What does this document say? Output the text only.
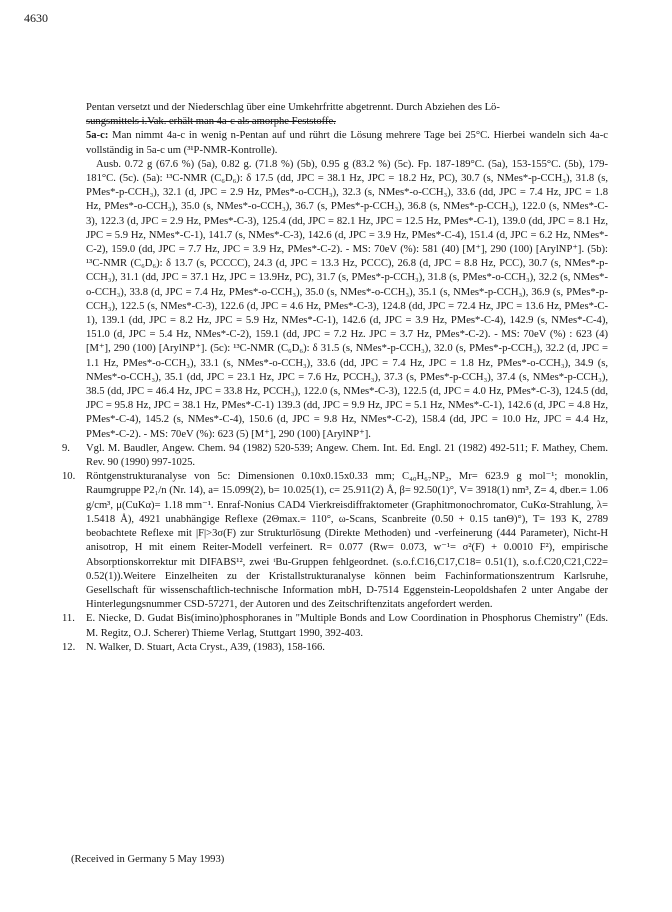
4630

Pentan versetzt und der Niederschlag über eine Umkehrfritte abgetrennt. Durch Abziehen des Lö-
sungsmittels i.Vak. erhält man 4a-c als amorphe Feststoffe.

5a-c: Man nimmt 4a-c in wenig n-Pentan auf und rührt die Lösung mehrere Tage bei 25°C. Hierbei wandeln sich 4a-c vollständig in 5a-c um (³¹P-NMR-Kontrolle).

Ausb. 0.72 g (67.6 %) (5a), 0.82 g. (71.8 %) (5b), 0.95 g (83.2 %) (5c). Fp. 187-189°C. (5a), 153-155°C. (5b), 179-181°C. (5c). (5a): ¹³C-NMR (C₆D₆): δ 17.5 (dd, JPC = 38.1 Hz, JPC = 18.2 Hz, PC), 30.7 (s, NMes*-p-CCH₃), 31.8 (s, PMes*-p-CCH₃), 32.1 (d, JPC = 2.9 Hz, PMes*-o-CCH₃), 32.3 (s, NMes*-o-CCH₃), 33.6 (dd, JPC = 7.4 Hz, JPC = 1.8 Hz, PMes*-o-CCH₃), 35.0 (s, NMes*-o-CCH₃), 36.7 (s, PMes*-p-CCH₃), 36.8 (s, NMes*-p-CCH₃), 122.0 (s, NMes*-C-3), 122.3 (d, JPC = 2.9 Hz, PMes*-C-3), 125.4 (dd, JPC = 82.1 Hz, JPC = 12.5 Hz, PMes*-C-1), 139.0 (dd, JPC = 8.1 Hz, JPC = 5.9 Hz, NMes*-C-1), 141.7 (s, NMes*-C-3), 142.6 (d, JPC = 3.9 Hz, PMes*-C-4), 151.4 (d, JPC = 6.2 Hz, NMes*-C-2), 159.0 (dd, JPC = 7.7 Hz, JPC = 3.9 Hz, PMes*-C-2). - MS: 70eV (%): 581 (40) [M⁺], 290 (100) [ArylNP⁺]. (5b): ¹³C-NMR (C₆D₆): δ 13.7 (s, PCCCC), 24.3 (d, JPC = 13.3 Hz, PCCC), 26.8 (d, JPC = 8.8 Hz, PCC), 30.7 (s, NMes*-p-CCH₃), 31.1 (dd, JPC = 37.1 Hz, JPC = 13.9Hz, PC), 31.7 (s, PMes*-p-CCH₃), 31.8 (s, PMes*-o-CCH₃), 32.2 (s, NMes*-o-CCH₃), 33.8 (d, JPC = 7.4 Hz, PMes*-o-CCH₃), 35.0 (s, NMes*-o-CCH₃), 35.1 (s, NMes*-p-CCH₃), 36.9 (s, PMes*-p-CCH₃), 122.5 (s, NMes*-C-3), 122.6 (d, JPC = 4.6 Hz, PMes*-C-3), 124.8 (dd, JPC = 72.4 Hz, JPC = 13.6 Hz, PMes*-C-1), 139.1 (dd, JPC = 8.2 Hz, JPC = 5.9 Hz, NMes*-C-1), 142.6 (d, JPC = 3.9 Hz, PMes*-C-4), 142.9 (s, NMes*-C-4), 151.0 (d, JPC = 5.4 Hz, NMes*-C-2), 159.1 (dd, JPC = 7.2 Hz. JPC = 3.7 Hz, PMes*-C-2). - MS: 70eV (%) : 623 (4) [M⁺], 290 (100) [ArylNP⁺]. (5c): ¹³C-NMR (C₆D₆): δ 31.5 (s, NMes*-p-CCH₃), 32.0 (s, PMes*-p-CCH₃), 32.2 (d, JPC = 1.1 Hz, PMes*-o-CCH₃), 33.1 (s, NMes*-o-CCH₃), 33.6 (dd, JPC = 7.4 Hz, JPC = 1.8 Hz, PMes*-o-CCH₃), 34.9 (s, NMes*-o-CCH₃), 35.1 (dd, JPC = 23.1 Hz, JPC = 7.6 Hz, PCCH₃), 37.3 (s, PMes*-p-CCH₃), 37.4 (s, NMes*-p-CCH₃), 38.5 (dd, JPC = 46.4 Hz, JPC = 33.8 Hz, PCCH₃), 122.0 (s, NMes*-C-3), 122.5 (d, JPC = 4.0 Hz, PMes*-C-3), 124.5 (dd, JPC = 95.8 Hz, JPC = 38.1 Hz, PMes*-C-1) 139.3 (dd, JPC = 9.9 Hz, JPC = 5.1 Hz, NMes*-C-1), 142.6 (d, JPC = 4.8 Hz, PMes*-C-4), 145.2 (s, NMes*-C-4), 150.6 (d, JPC = 9.8 Hz, NMes*-C-2), 158.4 (dd, JPC = 10.0 Hz, JPC = 4.4 Hz, PMes*-C-2). - MS: 70eV (%): 623 (5) [M⁺], 290 (100) [ArylNP⁺].

9. Vgl. M. Baudler, Angew. Chem. 94 (1982) 520-539; Angew. Chem. Int. Ed. Engl. 21 (1982) 492-511; F. Mathey, Chem. Rev. 90 (1990) 997-1025.
10. Röntgenstrukturanalyse von 5c: Dimensionen 0.10x0.15x0.33 mm; C₄₀H₆₇NP₂, Mr= 623.9 g mol⁻¹; monoklin, Raumgruppe P2₁/n (Nr. 14), a= 15.099(2), b= 10.025(1), c= 25.911(2) Å, β= 92.50(1)°, V= 3918(1) nm³, Z= 4, dber.= 1.06 g/cm³, μ(CuKα)= 1.18 mm⁻¹. Enraf-Nonius CAD4 Vierkreisdiffraktometer (Graphitmonochromator, CuKα-Strahlung, λ= 1.5418 Å), 4921 unabhängige Reflexe (2Θmax.= 110°, ω-Scans, Scanbreite (0.50 + 0.15 tanΘ)°), T= 193 K, 2789 beobachtete Reflexe mit |F|>3σ(F) zur Strukturlösung (Direkte Methoden) und -verfeinerung (444 Parameter), Nicht-H anisotrop, H mit einem Reiter-Modell verfeinert. R= 0.077 (Rw= 0.073, w⁻¹= σ²(F) + 0.0010 F²), empirische Absorptionskorrektur mit DIFABS¹², zwei ᵗBu-Gruppen fehlgeordnet. (s.o.f.C16,C17,C18= 0.51(1), s.o.f.C20,C21,C22= 0.52(1)).Weitere Einzelheiten zu der Kristallstrukturanalyse können beim Fachinformationszentrum Karlsruhe, Gesellschaft für wissenschaftlich-technische Information mbH, D-7514 Eggenstein-Leopoldshafen 2 unter Angabe der Hinterlegungsnummer CSD-57271, der Autoren und des Zeitschriftenzitats angefordert werden.
11. E. Niecke, D. Gudat Bis(imino)phosphoranes in "Multiple Bonds and Low Coordination in Phosphorus Chemistry" (Eds. M. Regitz, O.J. Scherer) Thieme Verlag, Stuttgart 1990, 392-403.
12. N. Walker, D. Stuart, Acta Cryst., A39, (1983), 158-166.
(Received in Germany 5 May 1993)
